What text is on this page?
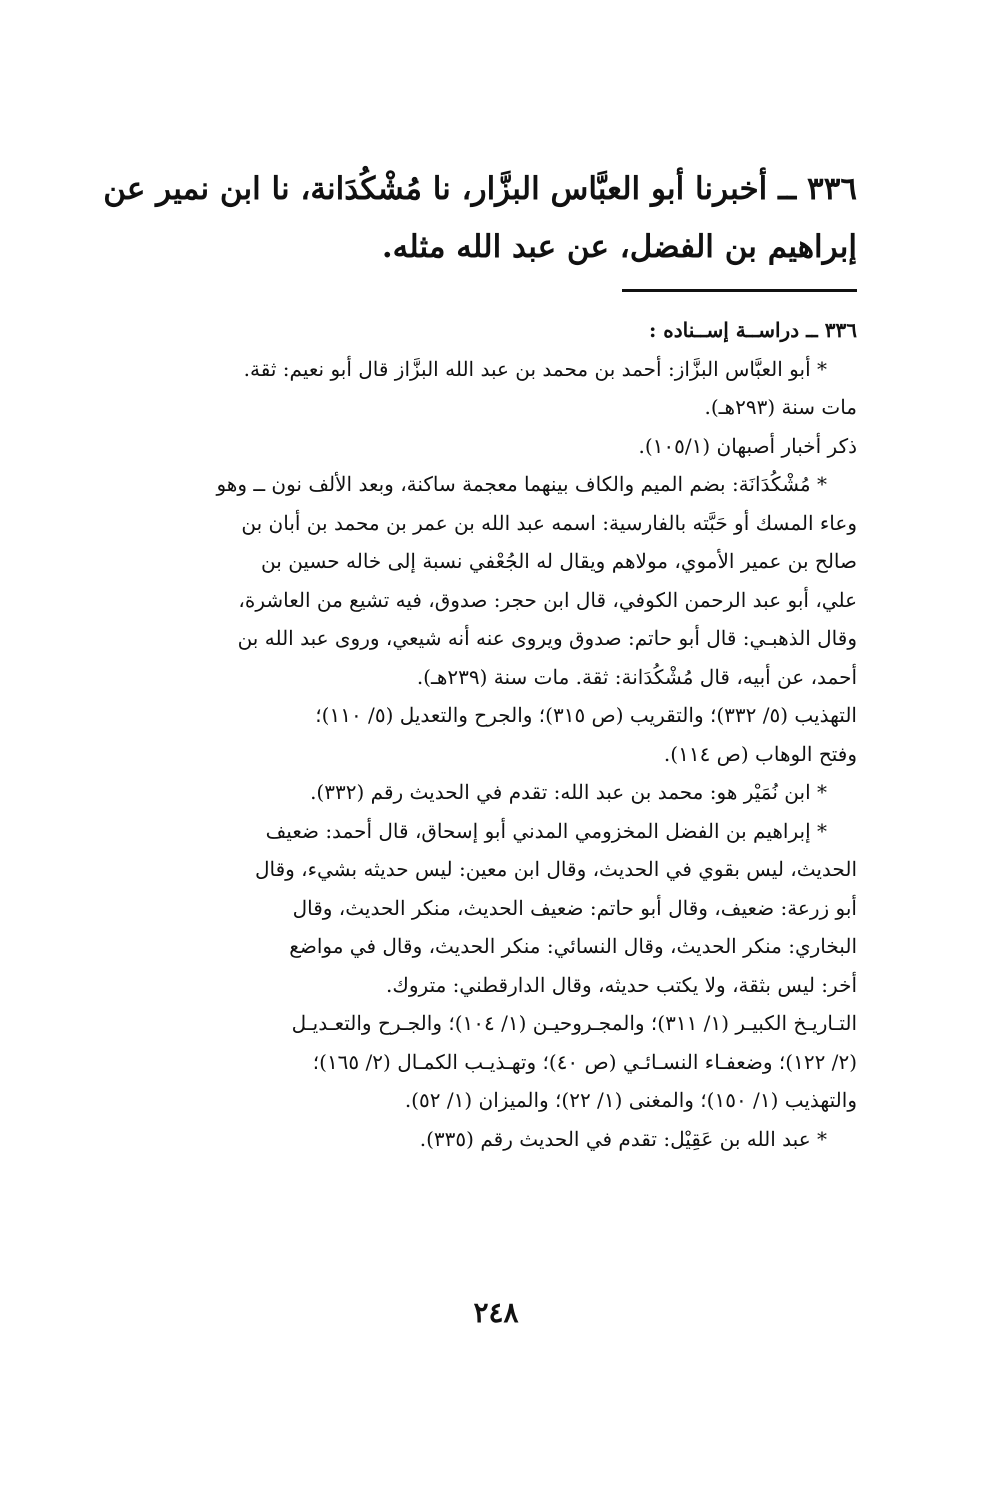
٣٣٦ ــ أخبرنا أبو العبَّاس البزَّار، نا مُشْكُدَانة، نا ابن نمير عن
إبراهيم بن الفضل، عن عبد الله مثله.
٣٣٦ ــ دراســة إســناده :
* أبو العبَّاس البزَّاز: أحمد بن محمد بن عبد الله البزَّاز قال أبو نعيم: ثقة.
مات سنة (٢٩٣هـ).
ذكر أخبار أصبهان (١٠٥/١).
* مُشْكُدَانَة: بضم الميم والكاف بينهما معجمة ساكنة، وبعد الألف نون ــ وهو
وعاء المسك أو حَبَّته بالفارسية: اسمه عبد الله بن عمر بن محمد بن أبان بن
صالح بن عمير الأموي، مولاهم ويقال له الجُعْفي نسبة إلى خاله حسين بن
علي، أبو عبد الرحمن الكوفي، قال ابن حجر: صدوق، فيه تشيع من العاشرة،
وقال الذهبـي: قال أبو حاتم: صدوق ويروى عنه أنه شيعي، وروى عبد الله بن
أحمد، عن أبيه، قال مُشْكُدَانة: ثقة. مات سنة (٢٣٩هـ).
التهذيب (٥/ ٣٣٢)؛ والتقريب (ص ٣١٥)؛ والجرح والتعديل (٥/ ١١٠)؛
وفتح الوهاب (ص ١١٤).
* ابن نُمَيْر هو: محمد بن عبد الله: تقدم في الحديث رقم (٣٣٢).
* إبراهيم بن الفضل المخزومي المدني أبو إسحاق، قال أحمد: ضعيف
الحديث، ليس بقوي في الحديث، وقال ابن معين: ليس حديثه بشيء، وقال
أبو زرعة: ضعيف، وقال أبو حاتم: ضعيف الحديث، منكر الحديث، وقال
البخاري: منكر الحديث، وقال النسائي: منكر الحديث، وقال في مواضع
أخر: ليس بثقة، ولا يكتب حديثه، وقال الدارقطني: متروك.
التـاريـخ الكبيـر (١/ ٣١١)؛ والمجـروحيـن (١/ ١٠٤)؛ والجـرح والتعـديـل
(٢/ ١٢٢)؛ وضعفـاء النسـائـي (ص ٤٠)؛ وتهـذيـب الكمـال (٢/ ١٦٥)؛
والتهذيب (١/ ١٥٠)؛ والمغنى (١/ ٢٢)؛ والميزان (١/ ٥٢).
* عبد الله بن عَقِيْل: تقدم في الحديث رقم (٣٣٥).
٢٤٨
